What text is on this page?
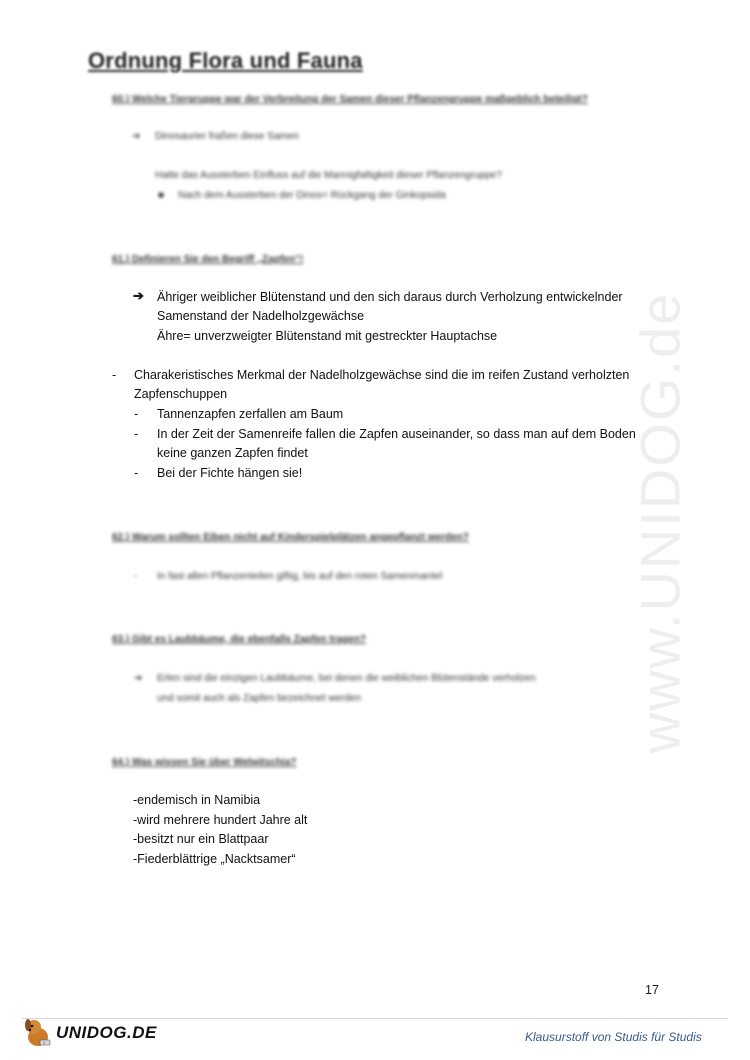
Ordnung Flora und Fauna
www.UNIDOG.de
60.) Welche Tiergruppe war der Verbreitung der Samen dieser Pflanzengruppe maßgeblich beteiligt?
➔ Dinosaurier fraßen diese Samen
Hatte das Aussterben Einfluss auf die Mannigfaltigkeit dieser Pflanzengruppe?
■ Nach dem Aussterben der Dinos= Rückgang der Ginkopsida
61.) Definieren Sie den Begriff „Zapfen“!
➔ Ähriger weiblicher Blütenstand und den sich daraus durch Verholzung entwickelnder
Samenstand der Nadelholzgewächse
Ähre= unverzweigter Blütenstand mit gestreckter Hauptachse
- Charakeristisches Merkmal der Nadelholzgewächse sind die im reifen Zustand verholzten
Zapfenschuppen
- Tannenzapfen zerfallen am Baum
- In der Zeit der Samenreife fallen die Zapfen auseinander, so dass man auf dem Boden
keine ganzen Zapfen findet
- Bei der Fichte hängen sie!
62.) Warum sollten Eiben nicht auf Kinderspielplätzen angepflanzt werden?
- In fast allen Pflanzenteilen giftig, bis auf den roten Samenmantel
63.) Gibt es Laubbäume, die ebenfalls Zapfen tragen?
➔ Erlen sind die einzigen Laubbäume, bei denen die weiblichen Blütenstände verholzen
und somit auch als Zapfen bezeichnet werden
64.) Was wissen Sie über Welwitschia?
-endemisch in Namibia
-wird mehrere hundert Jahre alt
-besitzt nur ein Blattpaar
-Fiederblättrige „Nacktsamer“
17
UNIDOG.DE	Klausurstoff von Studis für Studis
